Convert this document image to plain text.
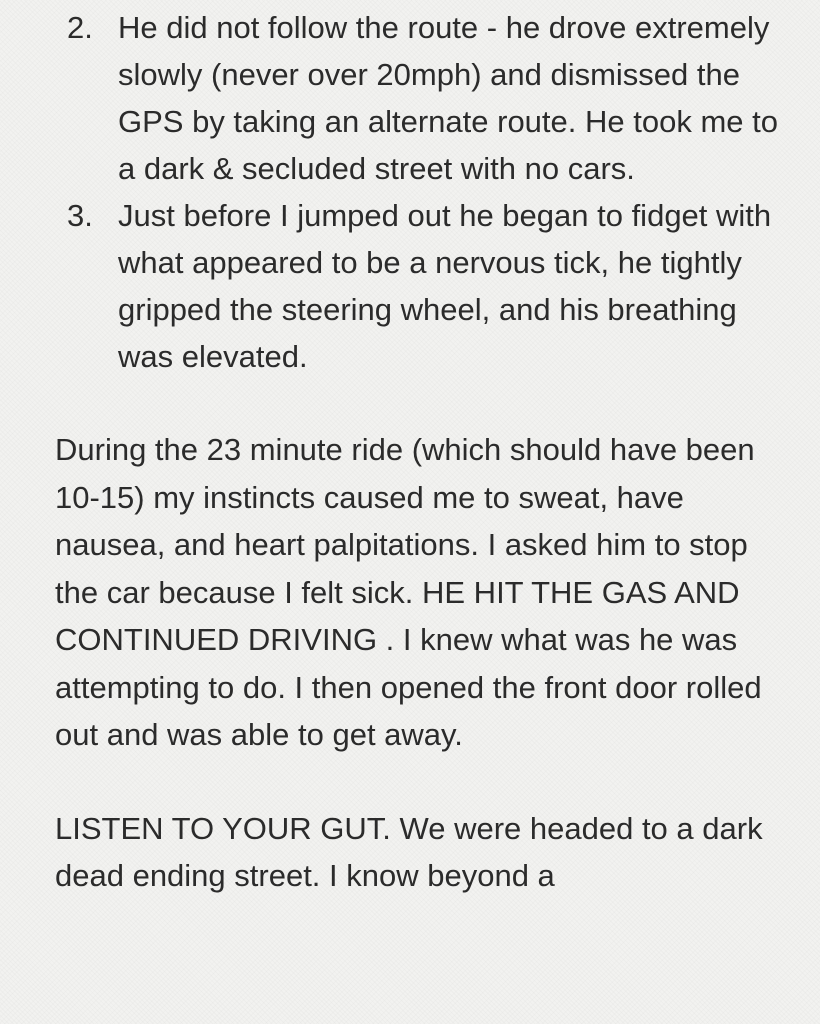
2. He did not follow the route - he drove extremely slowly (never over 20mph) and dismissed the GPS by taking an alternate route. He took me to a dark & secluded street with no cars.
3. Just before I jumped out he began to fidget with what appeared to be a nervous tick, he tightly gripped the steering wheel, and his breathing was elevated.

During the 23 minute ride (which should have been 10-15) my instincts caused me to sweat, have nausea, and heart palpitations. I asked him to stop the car because I felt sick. HE HIT THE GAS AND CONTINUED DRIVING . I knew what was he was attempting to do. I then opened the front door rolled out and was able to get away.

LISTEN TO YOUR GUT. We were headed to a dark dead ending street. I know beyond a
